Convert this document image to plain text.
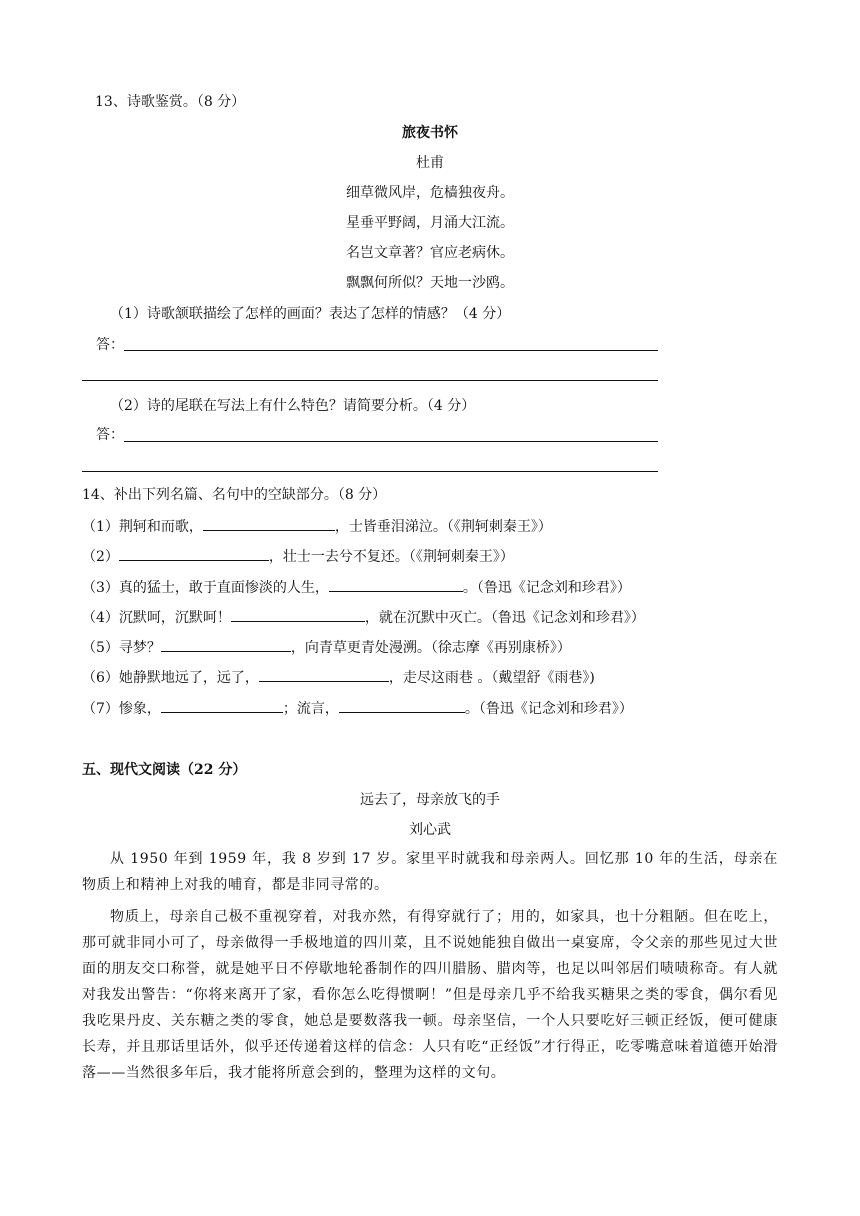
13、诗歌鉴赏。（8 分）
旅夜书怀
杜甫
细草微风岸，危樯独夜舟。
星垂平野阔，月涌大江流。
名岂文章著？官应老病休。
飘飘何所似？天地一沙鸥。
（1）诗歌颔联描绘了怎样的画面？表达了怎样的情感？（4 分）
答：
（2）诗的尾联在写法上有什么特色？请简要分析。（4 分）
答：
14、补出下列名篇、名句中的空缺部分。（8 分）
（1）荆轲和而歌，	，士皆垂泪涕泣。（《荆轲刺秦王》）
（2）	，壮士一去兮不复还。（《荆轲刺秦王》）
（3）真的猛士，敢于直面惨淡的人生，	。（鲁迅《记念刘和珍君》）
（4）沉默呵，沉默呵！	，就在沉默中灭亡。（鲁迅《记念刘和珍君》）
（5）寻梦？	，向青草更青处漫溯。（徐志摩《再别康桥》）
（6）她静默地远了，远了，	，走尽这雨巷 。（戴望舒《雨巷》)
（7）惨象，	；流言，	。（鲁迅《记念刘和珍君》）
五、现代文阅读（22 分）
远去了，母亲放飞的手
刘心武
从 1950 年到 1959 年，我 8 岁到 17 岁。家里平时就我和母亲两人。回忆那 10 年的生活，母亲在物质上和精神上对我的哺育，都是非同寻常的。
物质上，母亲自己极不重视穿着，对我亦然，有得穿就行了；用的，如家具，也十分粗陋。但在吃上，那可就非同小可了，母亲做得一手极地道的四川菜，且不说她能独自做出一桌宴席，令父亲的那些见过大世面的朋友交口称誉，就是她平日不停歇地轮番制作的四川腊肠、腊肉等，也足以叫邻居们啧啧称奇。有人就对我发出警告：“你将来离开了家，看你怎么吃得惯啊！”但是母亲几乎不给我买糖果之类的零食，偶尔看见我吃果丹皮、关东糖之类的零食，她总是要数落我一顿。母亲坚信，一个人只要吃好三顿正经饭，便可健康长寿，并且那话里话外，似乎还传递着这样的信念：人只有吃“正经饭”才行得正，吃零嘴意味着道德开始滑落——当然很多年后，我才能将所意会到的，整理为这样的文句。
